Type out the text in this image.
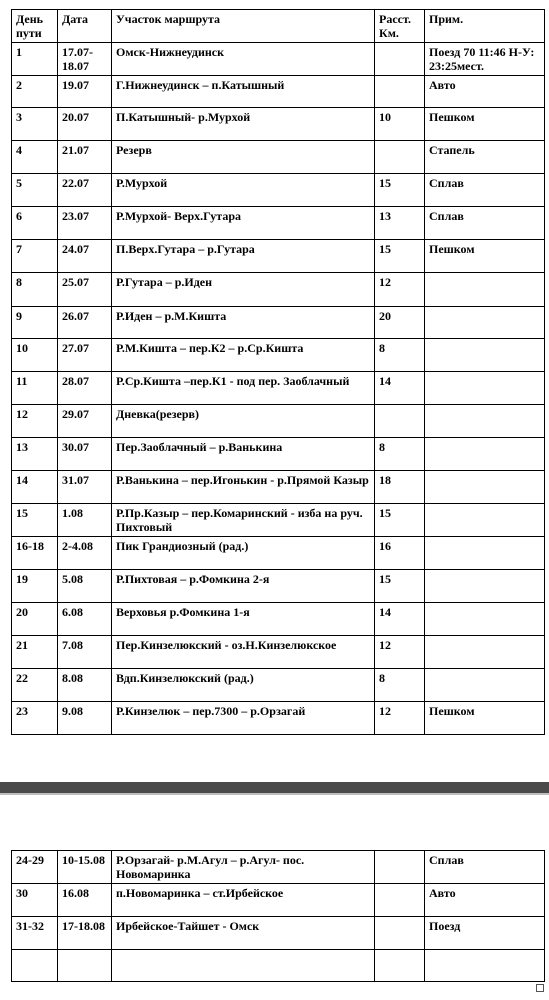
День пути	Дата	Участок маршрута	Расст. Км.	Прим.
1	17.07-18.07	Омск-Нижнеудинск		Поезд 70 11:46 Н-У: 23:25мест.
2	19.07	Г.Нижнеудинск – п.Катышный		Авто
3	20.07	П.Катышный- р.Мурхой	10	Пешком
4	21.07	Резерв		Стапель
5	22.07	Р.Мурхой	15	Сплав
6	23.07	Р.Мурхой- Верх.Гутара	13	Сплав
7	24.07	П.Верх.Гутара – р.Гутара	15	Пешком
8	25.07	Р.Гутара – р.Иден	12	
9	26.07	Р.Иден – р.М.Кишта	20	
10	27.07	Р.М.Кишта – пер.К2 – р.Ср.Кишта	8	
11	28.07	Р.Ср.Кишта –пер.К1 - под пер. Заоблачный	14	
12	29.07	Дневка(резерв)		
13	30.07	Пер.Заоблачный – р.Ванькина	8	
14	31.07	Р.Ванькина – пер.Игонькин - р.Прямой Казыр	18	
15	1.08	Р.Пр.Казыр – пер.Комаринский - изба на руч. Пихтовый	15	
16-18	2-4.08	Пик Грандиозный (рад.)	16	
19	5.08	Р.Пихтовая – р.Фомкина 2-я	15	
20	6.08	Верховья р.Фомкина 1-я	14	
21	7.08	Пер.Кинзелюкский - оз.Н.Кинзелюкское	12	
22	8.08	Вдп.Кинзелюкский (рад.)	8	
23	9.08	Р.Кинзелюк – пер.7300 – р.Орзагай	12	Пешком
24-29	10-15.08	Р.Орзагай- р.М.Агул – р.Агул- пос. Новомаринка		Сплав
30	16.08	п.Новомаринка – ст.Ирбейское		Авто
31-32	17-18.08	Ирбейское-Тайшет - Омск		Поезд
